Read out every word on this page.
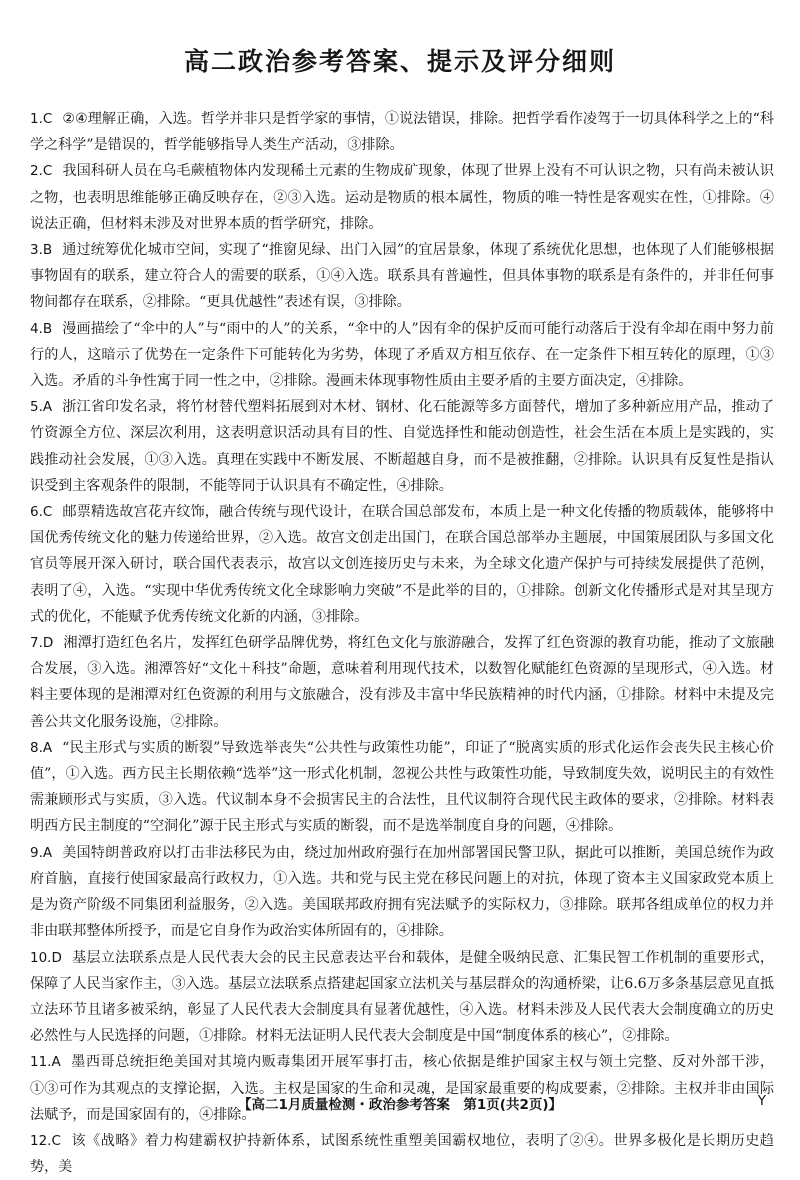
高二政治参考答案、提示及评分细则

1.C ②④理解正确，入选。哲学并非只是哲学家的事情，①说法错误，排除。把哲学看作凌驾于一切具体科学之上的“科学之科学”是错误的，哲学能够指导人类生产活动，③排除。

2.C 我国科研人员在乌毛蕨植物体内发现稀土元素的生物成矿现象，体现了世界上没有不可认识之物，只有尚未被认识之物，也表明思维能够正确反映存在，②③入选。运动是物质的根本属性，物质的唯一特性是客观实在性，①排除。④说法正确，但材料未涉及对世界本质的哲学研究，排除。

3.B 通过统筹优化城市空间，实现了“推窗见绿、出门入园”的宜居景象，体现了系统优化思想，也体现了人们能够根据事物固有的联系，建立符合人的需要的联系，①④入选。联系具有普遍性，但具体事物的联系是有条件的，并非任何事物间都存在联系，②排除。“更具优越性”表述有误，③排除。

4.B 漫画描绘了“伞中的人”与“雨中的人”的关系，“伞中的人”因有伞的保护反而可能行动落后于没有伞却在雨中努力前行的人，这暗示了优势在一定条件下可能转化为劣势，体现了矛盾双方相互依存、在一定条件下相互转化的原理，①③入选。矛盾的斗争性寓于同一性之中，②排除。漫画未体现事物性质由主要矛盾的主要方面决定，④排除。

5.A 浙江省印发名录，将竹材替代塑料拓展到对木材、钢材、化石能源等多方面替代，增加了多种新应用产品，推动了竹资源全方位、深层次利用，这表明意识活动具有目的性、自觉选择性和能动创造性，社会生活在本质上是实践的，实践推动社会发展，①③入选。真理在实践中不断发展、不断超越自身，而不是被推翻，②排除。认识具有反复性是指认识受到主客观条件的限制，不能等同于认识具有不确定性，④排除。

6.C 邮票精选故宫花卉纹饰，融合传统与现代设计，在联合国总部发布，本质上是一种文化传播的物质载体，能够将中国优秀传统文化的魅力传递给世界，②入选。故宫文创走出国门，在联合国总部举办主题展，中国策展团队与多国文化官员等展开深入研讨，联合国代表表示，故宫以文创连接历史与未来，为全球文化遗产保护与可持续发展提供了范例，表明了④，入选。“实现中华优秀传统文化全球影响力突破”不是此举的目的，①排除。创新文化传播形式是对其呈现方式的优化，不能赋予优秀传统文化新的内涵，③排除。

7.D 湘潭打造红色名片，发挥红色研学品牌优势，将红色文化与旅游融合，发挥了红色资源的教育功能，推动了文旅融合发展，③入选。湘潭答好“文化＋科技”命题，意味着利用现代技术，以数智化赋能红色资源的呈现形式，④入选。材料主要体现的是湘潭对红色资源的利用与文旅融合，没有涉及丰富中华民族精神的时代内涵，①排除。材料中未提及完善公共文化服务设施，②排除。

8.A “民主形式与实质的断裂”导致选举丧失“公共性与政策性功能”，印证了“脱离实质的形式化运作会丧失民主核心价值”，①入选。西方民主长期依赖“选举”这一形式化机制，忽视公共性与政策性功能，导致制度失效，说明民主的有效性需兼顾形式与实质，③入选。代议制本身不会损害民主的合法性，且代议制符合现代民主政体的要求，②排除。材料表明西方民主制度的“空洞化”源于民主形式与实质的断裂，而不是选举制度自身的问题，④排除。

9.A 美国特朗普政府以打击非法移民为由，绕过加州政府强行在加州部署国民警卫队，据此可以推断，美国总统作为政府首脑，直接行使国家最高行政权力，①入选。共和党与民主党在移民问题上的对抗，体现了资本主义国家政党本质上是为资产阶级不同集团利益服务，②入选。美国联邦政府拥有宪法赋予的实际权力，③排除。联邦各组成单位的权力并非由联邦整体所授予，而是它自身作为政治实体所固有的，④排除。

10.D 基层立法联系点是人民代表大会的民主民意表达平台和载体，是健全吸纳民意、汇集民智工作机制的重要形式，保障了人民当家作主，③入选。基层立法联系点搭建起国家立法机关与基层群众的沟通桥梁，让6.6万多条基层意见直抵立法环节且诸多被采纳，彰显了人民代表大会制度具有显著优越性，④入选。材料未涉及人民代表大会制度确立的历史必然性与人民选择的问题，①排除。材料无法证明人民代表大会制度是中国“制度体系的核心”，②排除。

11.A 墨西哥总统拒绝美国对其境内贩毒集团开展军事打击，核心依据是维护国家主权与领土完整、反对外部干涉，①③可作为其观点的支撑论据，入选。主权是国家的生命和灵魂，是国家最重要的构成要素，②排除。主权并非由国际法赋予，而是国家固有的，④排除。

12.C 该《战略》着力构建霸权护持新体系，试图系统性重塑美国霸权地位，表明了②④。世界多极化是长期历史趋势，美

【高二1月质量检测・政治参考答案　第1页(共2页)】	Y
